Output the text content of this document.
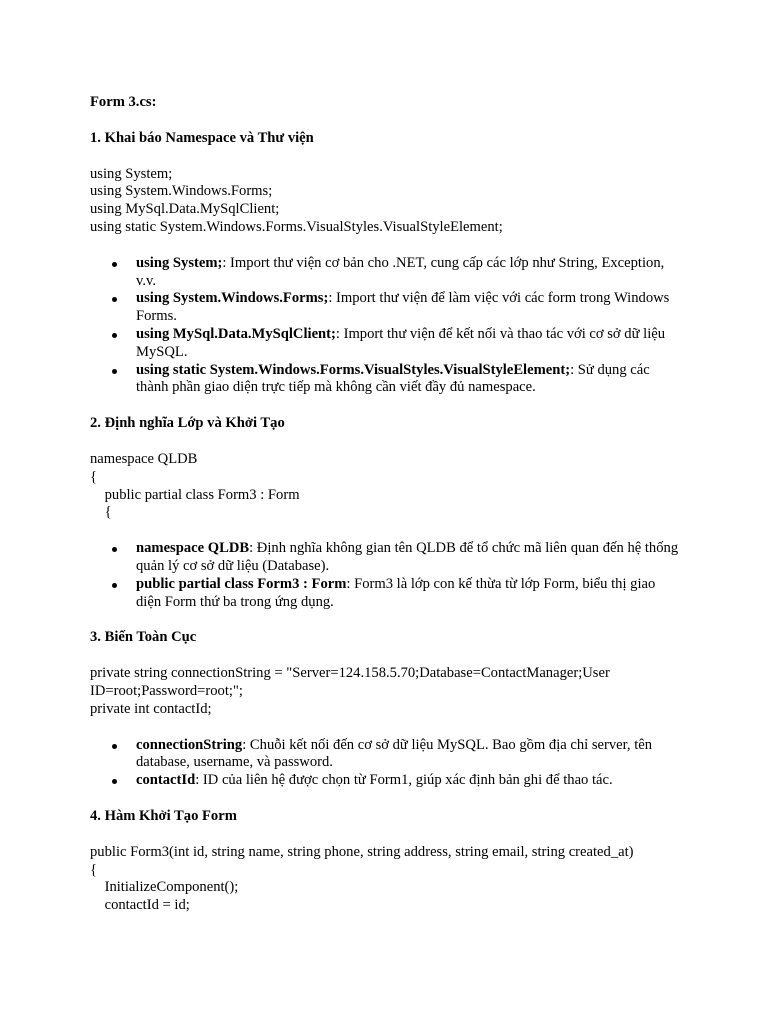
Form 3.cs:

1. Khai báo Namespace và Thư viện

using System;
using System.Windows.Forms;
using MySql.Data.MySqlClient;
using static System.Windows.Forms.VisualStyles.VisualStyleElement;
using System;: Import thư viện cơ bản cho .NET, cung cấp các lớp như String, Exception, v.v.
using System.Windows.Forms;: Import thư viện để làm việc với các form trong Windows Forms.
using MySql.Data.MySqlClient;: Import thư viện để kết nối và thao tác với cơ sở dữ liệu MySQL.
using static System.Windows.Forms.VisualStyles.VisualStyleElement;: Sử dụng các thành phần giao diện trực tiếp mà không cần viết đầy đủ namespace.

2. Định nghĩa Lớp và Khởi Tạo

namespace QLDB
{
public partial class Form3 : Form
{
namespace QLDB: Định nghĩa không gian tên QLDB để tổ chức mã liên quan đến hệ thống quản lý cơ sở dữ liệu (Database).
public partial class Form3 : Form: Form3 là lớp con kế thừa từ lớp Form, biểu thị giao diện Form thứ ba trong ứng dụng.

3. Biến Toàn Cục

private string connectionString = "Server=124.158.5.70;Database=ContactManager;User ID=root;Password=root;";
private int contactId;
connectionString: Chuỗi kết nối đến cơ sở dữ liệu MySQL. Bao gồm địa chỉ server, tên database, username, và password.
contactId: ID của liên hệ được chọn từ Form1, giúp xác định bản ghi để thao tác.

4. Hàm Khởi Tạo Form

public Form3(int id, string name, string phone, string address, string email, string created_at)
{
InitializeComponent();
contactId = id;
